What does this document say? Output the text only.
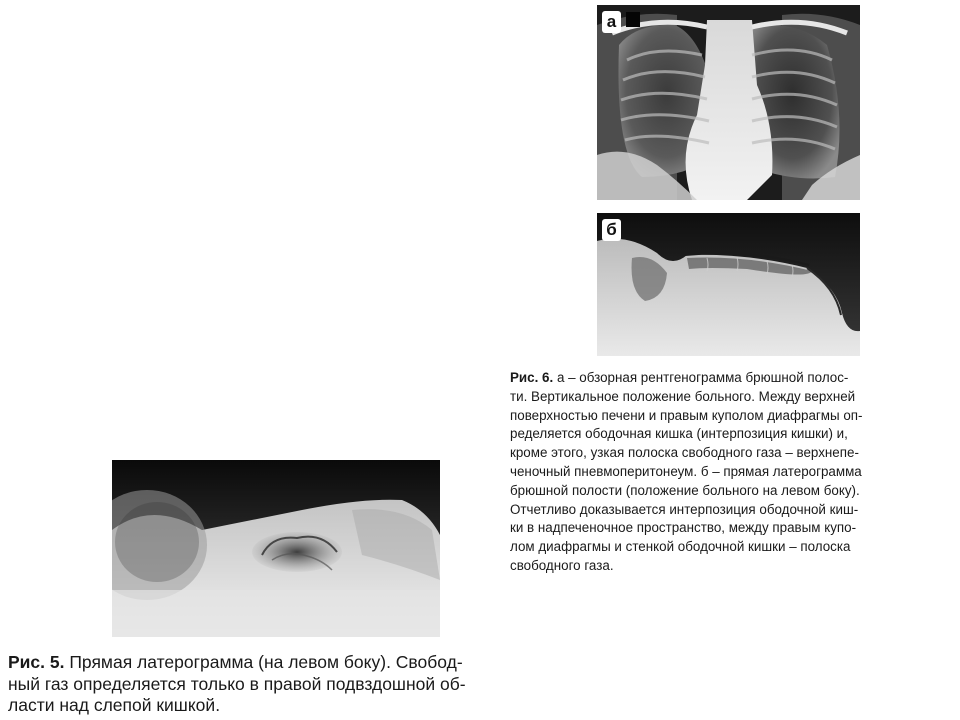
а
б

Рис. 6. а – обзорная рентгенограмма брюшной полос-
ти. Вертикальное положение больного. Между верхней
поверхностью печени и правым куполом диафрагмы оп-
ределяется ободочная кишка (интерпозиция кишки) и,
кроме этого, узкая полоска свободного газа – верхнепе-
ченочный пневмоперитонеум. б – прямая латерограмма
брюшной полости (положение больного на левом боку).
Отчетливо доказывается интерпозиция ободочной киш-
ки в надпеченочное пространство, между правым купо-
лом диафрагмы и стенкой ободочной кишки – полоска
свободного газа.

Рис. 5. Прямая латерограмма (на левом боку). Свобод-
ный газ определяется только в правой подвздошной об-
ласти над слепой кишкой.
